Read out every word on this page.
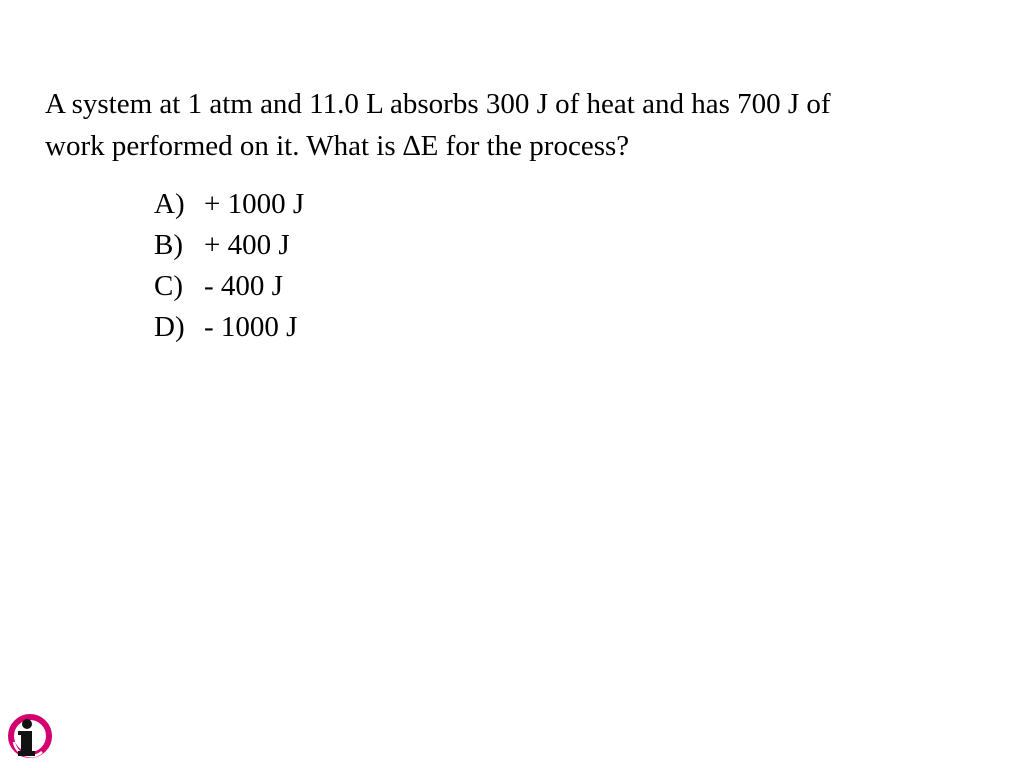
A system at 1 atm and 11.0 L absorbs 300 J of heat and has 700 J of
work performed on it. What is ∆E for the process?

A) + 1000 J
B) + 400 J
C) - 400 J
D) - 1000 J
